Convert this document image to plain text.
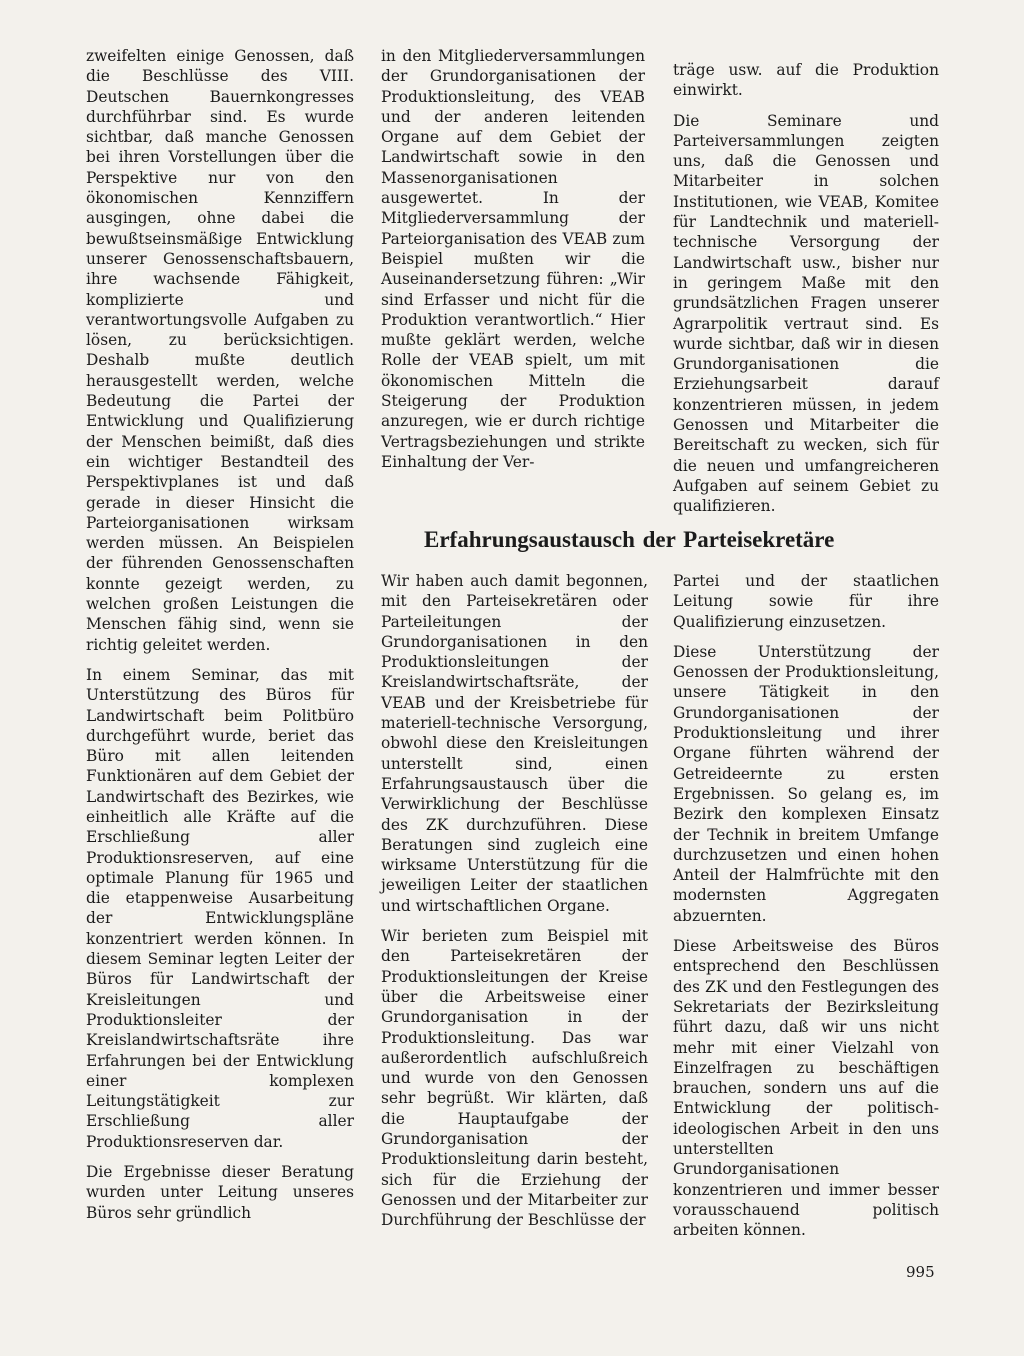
zweifelten einige Genossen, daß die Beschlüsse des VIII. Deutschen Bauernkongresses durchführbar sind. Es wurde sichtbar, daß manche Genossen bei ihren Vorstellungen über die Perspektive nur von den ökonomischen Kennziffern ausgingen, ohne dabei die bewußtseinsmäßige Entwicklung unserer Genossenschaftsbauern, ihre wachsende Fähigkeit, komplizierte und verantwortungsvolle Aufgaben zu lösen, zu berücksichtigen. Deshalb mußte deutlich herausgestellt werden, welche Bedeutung die Partei der Entwicklung und Qualifizierung der Menschen beimißt, daß dies ein wichtiger Bestandteil des Perspektivplanes ist und daß gerade in dieser Hinsicht die Parteiorganisationen wirksam werden müssen. An Beispielen der führenden Genossenschaften konnte gezeigt werden, zu welchen großen Leistungen die Menschen fähig sind, wenn sie richtig geleitet werden.

In einem Seminar, das mit Unterstützung des Büros für Landwirtschaft beim Politbüro durchgeführt wurde, beriet das Büro mit allen leitenden Funktionären auf dem Gebiet der Landwirtschaft des Bezirkes, wie einheitlich alle Kräfte auf die Erschließung aller Produktionsreserven, auf eine optimale Planung für 1965 und die etappenweise Ausarbeitung der Entwicklungspläne konzentriert werden können. In diesem Seminar legten Leiter der Büros für Landwirtschaft der Kreisleitungen und Produktionsleiter der Kreislandwirtschaftsräte ihre Erfahrungen bei der Entwicklung einer komplexen Leitungstätigkeit zur Erschließung aller Produktionsreserven dar.

Die Ergebnisse dieser Beratung wurden unter Leitung unseres Büros sehr gründlich

in den Mitgliederversammlungen der Grundorganisationen der Produktionsleitung, des VEAB und der anderen leitenden Organe auf dem Gebiet der Landwirtschaft sowie in den Massenorganisationen ausgewertet. In der Mitgliederversammlung der Parteiorganisation des VEAB zum Beispiel mußten wir die Auseinandersetzung führen: „Wir sind Erfasser und nicht für die Produktion verantwortlich.“ Hier mußte geklärt werden, welche Rolle der VEAB spielt, um mit ökonomischen Mitteln die Steigerung der Produktion anzuregen, wie er durch richtige Vertragsbeziehungen und strikte Einhaltung der Ver-

träge usw. auf die Produktion einwirkt.

Die Seminare und Parteiversammlungen zeigten uns, daß die Genossen und Mitarbeiter in solchen Institutionen, wie VEAB, Komitee für Landtechnik und materiell-technische Versorgung der Landwirtschaft usw., bisher nur in geringem Maße mit den grundsätzlichen Fragen unserer Agrarpolitik vertraut sind. Es wurde sichtbar, daß wir in diesen Grundorganisationen die Erziehungsarbeit darauf konzentrieren müssen, in jedem Genossen und Mitarbeiter die Bereitschaft zu wecken, sich für die neuen und umfangreicheren Aufgaben auf seinem Gebiet zu qualifizieren.

Erfahrungsaustausch der Parteisekretäre

Wir haben auch damit begonnen, mit den Parteisekretären oder Parteileitungen der Grundorganisationen in den Produktionsleitungen der Kreislandwirtschaftsräte, der VEAB und der Kreisbetriebe für materiell-technische Versorgung, obwohl diese den Kreisleitungen unterstellt sind, einen Erfahrungsaustausch über die Verwirklichung der Beschlüsse des ZK durchzuführen. Diese Beratungen sind zugleich eine wirksame Unterstützung für die jeweiligen Leiter der staatlichen und wirtschaftlichen Organe.

Wir berieten zum Beispiel mit den Parteisekretären der Produktionsleitungen der Kreise über die Arbeitsweise einer Grundorganisation in der Produktionsleitung. Das war außerordentlich aufschlußreich und wurde von den Genossen sehr begrüßt. Wir klärten, daß die Hauptaufgabe der Grundorganisation der Produktionsleitung darin besteht, sich für die Erziehung der Genossen und der Mitarbeiter zur Durchführung der Beschlüsse der

Partei und der staatlichen Leitung sowie für ihre Qualifizierung einzusetzen.

Diese Unterstützung der Genossen der Produktionsleitung, unsere Tätigkeit in den Grundorganisationen der Produktionsleitung und ihrer Organe führten während der Getreideernte zu ersten Ergebnissen. So gelang es, im Bezirk den komplexen Einsatz der Technik in breitem Umfange durchzusetzen und einen hohen Anteil der Halmfrüchte mit den modernsten Aggregaten abzuernten.

Diese Arbeitsweise des Büros entsprechend den Beschlüssen des ZK und den Festlegungen des Sekretariats der Bezirksleitung führt dazu, daß wir uns nicht mehr mit einer Vielzahl von Einzelfragen zu beschäftigen brauchen, sondern uns auf die Entwicklung der politisch-ideologischen Arbeit in den uns unterstellten Grundorganisationen konzentrieren und immer besser vorausschauend politisch arbeiten können.

995
